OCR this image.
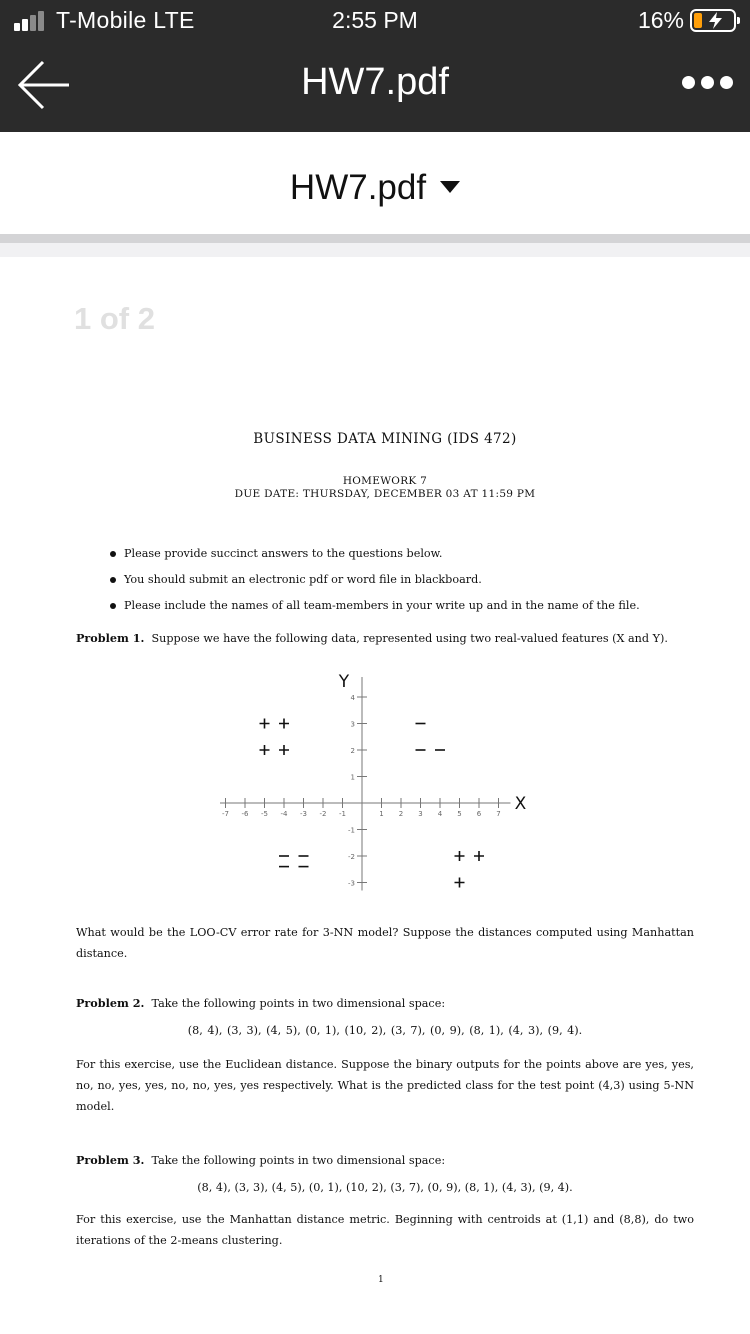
T-Mobile LTE	2:55 PM	16%
HW7.pdf
HW7.pdf
1 of 2
BUSINESS DATA MINING (IDS 472)
HOMEWORK 7
DUE DATE: THURSDAY, DECEMBER 03 AT 11:59 PM
Please provide succinct answers to the questions below.
You should submit an electronic pdf or word file in blackboard.
Please include the names of all team-members in your write up and in the name of the file.
Problem 1. Suppose we have the following data, represented using two real-valued features (X and Y).
-7 -6 -5 -4 -3 -2 -1	1 2 3 4 5 6 7
-3
-2
-1
1
2
3
4
X
Y
What would be the LOO-CV error rate for 3-NN model? Suppose the distances computed using Manhattan distance.
Problem 2. Take the following points in two dimensional space:
(8, 4), (3, 3), (4, 5), (0, 1), (10, 2), (3, 7), (0, 9), (8, 1), (4, 3), (9, 4).
For this exercise, use the Euclidean distance. Suppose the binary outputs for the points above are yes, yes, no, no, yes, yes, no, no, yes, yes respectively. What is the predicted class for the test point (4,3) using 5-NN model.
Problem 3. Take the following points in two dimensional space:
(8, 4), (3, 3), (4, 5), (0, 1), (10, 2), (3, 7), (0, 9), (8, 1), (4, 3), (9, 4).
For this exercise, use the Manhattan distance metric. Beginning with centroids at (1,1) and (8,8), do two iterations of the 2-means clustering.
1
